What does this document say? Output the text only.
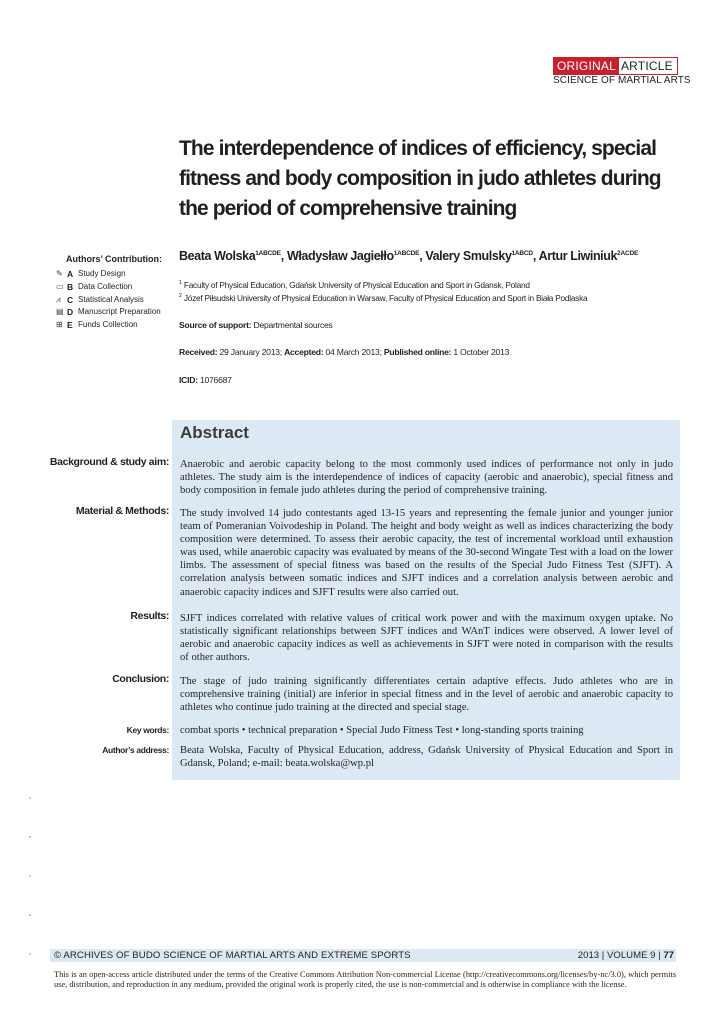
ORIGINAL ARTICLE
SCIENCE OF MARTIAL ARTS
The interdependence of indices of efficiency, special fitness and body composition in judo athletes during the period of comprehensive training
Authors’ Contribution:
✎ A Study Design
▭ B Data Collection
⩘ C Statistical Analysis
▤ D Manuscript Preparation
⊞ E Funds Collection
Beata Wolska$^{1ABCDE}$, Władysław Jagiełło$^{1ABCDE}$, Valery Smulsky$^{1ABCD}$, Artur Liwiniuk$^{2ACDE}$
$^1$ Faculty of Physical Education, Gdańsk University of Physical Education and Sport in Gdansk, Poland
$^2$ Józef Piłsudski University of Physical Education in Warsaw, Faculty of Physical Education and Sport in Biała Podlaska
Source of support: Departmental sources
Received: 29 January 2013; Accepted: 04 March 2013; Published online: 1 October 2013
ICID: 1076687
Abstract
Background & study aim: Anaerobic and aerobic capacity belong to the most commonly used indices of performance not only in judo athletes. The study aim is the interdependence of indices of capacity (aerobic and anaerobic), special fitness and body composition in female judo athletes during the period of comprehensive training.
Material & Methods: The study involved 14 judo contestants aged 13-15 years and representing the female junior and younger junior team of Pomeranian Voivodeship in Poland. The height and body weight as well as indices characterizing the body composition were determined. To assess their aerobic capacity, the test of incremental workload until exhaustion was used, while anaerobic capacity was evaluated by means of the 30-second Wingate Test with a load on the lower limbs. The assessment of special fitness was based on the results of the Special Judo Fitness Test (SJFT). A correlation analysis between somatic indices and SJFT indices and a correlation analysis between aerobic and anaerobic capacity indices and SJFT results were also carried out.
Results: SJFT indices correlated with relative values of critical work power and with the maximum oxygen uptake. No statistically significant relationships between SJFT indices and WAnT indices were observed. A lower level of aerobic and anaerobic capacity indices as well as achievements in SJFT were noted in comparison with the results of other authors.
Conclusion: The stage of judo training significantly differentiates certain adaptive effects. Judo athletes who are in comprehensive training (initial) are inferior in special fitness and in the level of aerobic and anaerobic capacity to athletes who continue judo training at the directed and special stage.
Key words: combat sports • technical preparation • Special Judo Fitness Test • long-standing sports training
Author’s address: Beata Wolska, Faculty of Physical Education, address, Gdańsk University of Physical Education and Sport in Gdansk, Poland; e-mail: beata.wolska@wp.pl
© ARCHIVES OF BUDO SCIENCE OF MARTIAL ARTS AND EXTREME SPORTS	2013 | VOLUME 9 | 77
This is an open-access article distributed under the terms of the Creative Commons Attribution Non-commercial License (http://creativecommons.org/licenses/by-nc/3.0), which permits use, distribution, and reproduction in any medium, provided the original work is properly cited, the use is non-commercial and is otherwise in compliance with the license.
